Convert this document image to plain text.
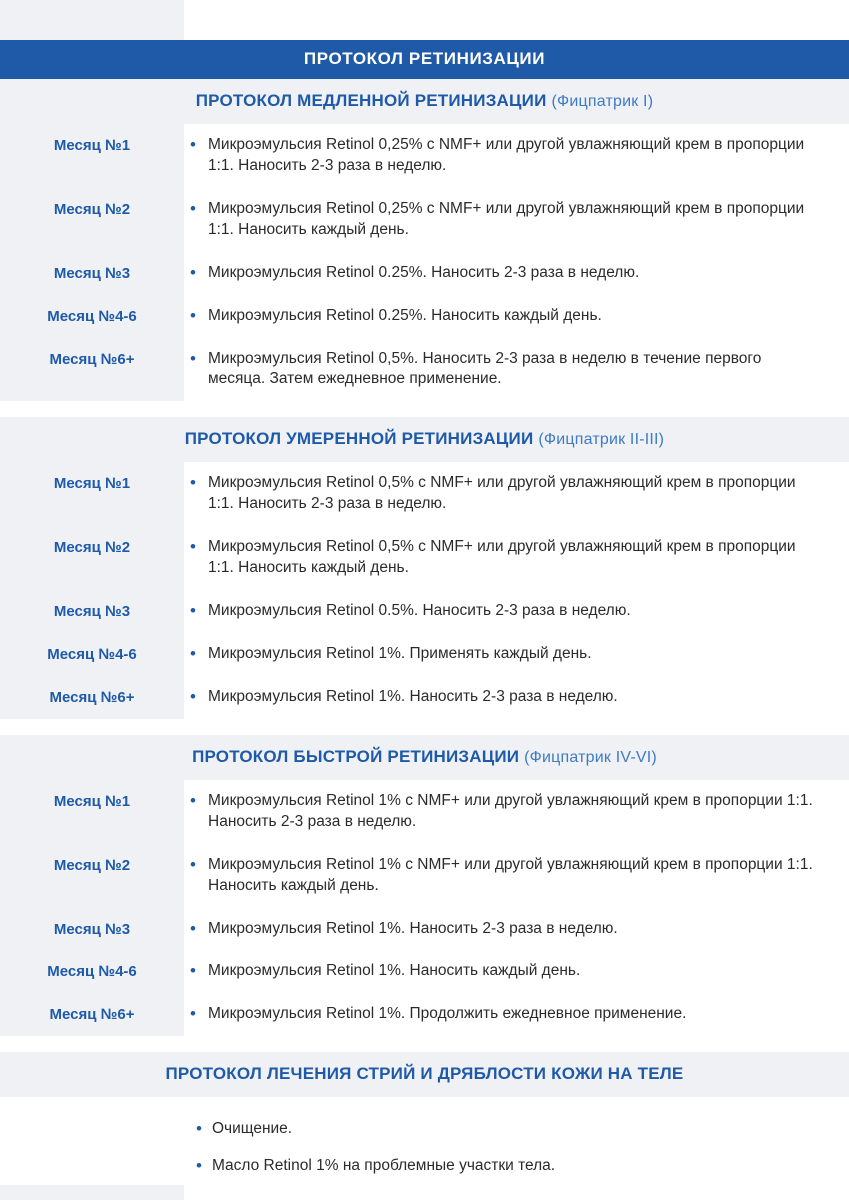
ПРОТОКОЛ РЕТИНИЗАЦИИ
ПРОТОКОЛ МЕДЛЕННОЙ РЕТИНИЗАЦИИ (Фицпатрик I)
Месяц №1	• Микроэмульсия Retinol 0,25% с NMF+ или другой увлажняющий крем в пропорции 1:1. Наносить 2-3 раза в неделю.
Месяц №2	• Микроэмульсия Retinol 0,25% с NMF+ или другой увлажняющий крем в пропорции 1:1. Наносить каждый день.
Месяц №3	• Микроэмульсия Retinol 0.25%. Наносить 2-3 раза в неделю.
Месяц №4-6	• Микроэмульсия Retinol 0.25%. Наносить каждый день.
Месяц №6+	• Микроэмульсия Retinol 0,5%. Наносить 2-3 раза в неделю в течение первого месяца. Затем ежедневное применение.
ПРОТОКОЛ УМЕРЕННОЙ РЕТИНИЗАЦИИ (Фицпатрик II-III)
Месяц №1	• Микроэмульсия Retinol 0,5% с NMF+ или другой увлажняющий крем в пропорции 1:1. Наносить 2-3 раза в неделю.
Месяц №2	• Микроэмульсия Retinol 0,5% с NMF+ или другой увлажняющий крем в пропорции 1:1. Наносить каждый день.
Месяц №3	• Микроэмульсия Retinol 0.5%. Наносить 2-3 раза в неделю.
Месяц №4-6	• Микроэмульсия Retinol 1%. Применять каждый день.
Месяц №6+	• Микроэмульсия Retinol 1%. Наносить 2-3 раза в неделю.
ПРОТОКОЛ БЫСТРОЙ РЕТИНИЗАЦИИ (Фицпатрик IV-VI)
Месяц №1	• Микроэмульсия Retinol 1% с NMF+ или другой увлажняющий крем в пропорции 1:1. Наносить 2-3 раза в неделю.
Месяц №2	• Микроэмульсия Retinol 1% с NMF+ или другой увлажняющий крем в пропорции 1:1. Наносить каждый день.
Месяц №3	• Микроэмульсия Retinol 1%. Наносить 2-3 раза в неделю.
Месяц №4-6	• Микроэмульсия Retinol 1%. Наносить каждый день.
Месяц №6+	• Микроэмульсия Retinol 1%. Продолжить ежедневное применение.
ПРОТОКОЛ ЛЕЧЕНИЯ СТРИЙ И ДРЯБЛОСТИ КОЖИ НА ТЕЛЕ
• Очищение.
• Масло Retinol 1% на проблемные участки тела.
